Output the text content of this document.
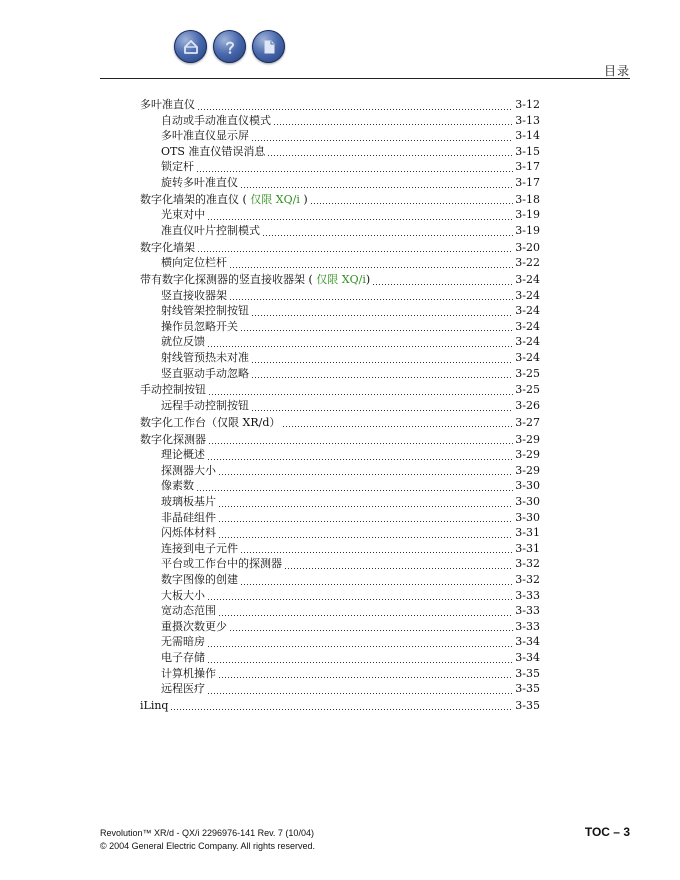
目录
多叶准直仪	3-12
自动或手动准直仪模式	3-13
多叶准直仪显示屏	3-14
OTS 准直仪错误消息	3-15
锁定杆	3-17
旋转多叶准直仪	3-17
数字化墙架的准直仪 ( 仅限 XQ/i )	3-18
光束对中	3-19
准直仪叶片控制模式	3-19
数字化墙架	3-20
横向定位栏杆	3-22
带有数字化探测器的竖直接收器架 ( 仅限 XQ/i)	3-24
竖直接收器架	3-24
射线管架控制按钮	3-24
操作员忽略开关	3-24
就位反馈	3-24
射线管预热未对准	3-24
竖直驱动手动忽略	3-25
手动控制按钮	3-25
远程手动控制按钮	3-26
数字化工作台（仅限 XR/d）	3-27
数字化探测器	3-29
理论概述	3-29
探测器大小	3-29
像素数	3-30
玻璃板基片	3-30
非晶硅组件	3-30
闪烁体材料	3-31
连接到电子元件	3-31
平台或工作台中的探测器	3-32
数字图像的创建	3-32
大板大小	3-33
宽动态范围	3-33
重摄次数更少	3-33
无需暗房	3-34
电子存储	3-34
计算机操作	3-35
远程医疗	3-35
iLinq	3-35
Revolution™ XR/d - QX/i 2296976-141 Rev. 7 (10/04)
© 2004 General Electric Company. All rights reserved.
TOC – 3
